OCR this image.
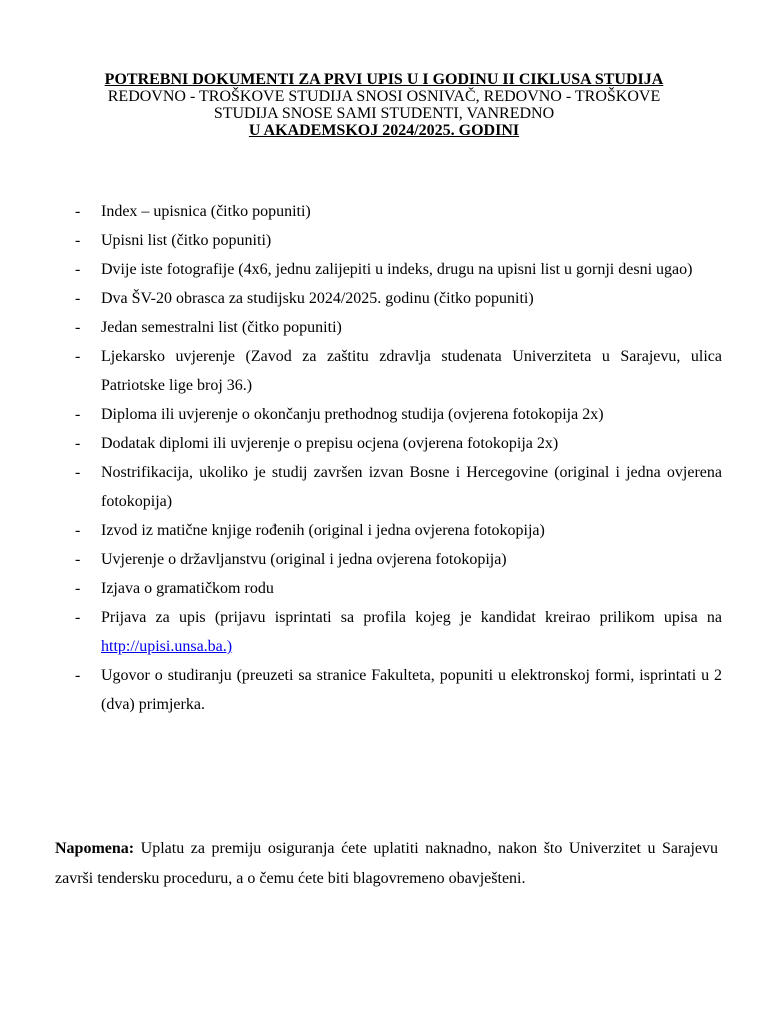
POTREBNI DOKUMENTI ZA PRVI UPIS U I GODINU II CIKLUSA STUDIJA
REDOVNO - TROŠKOVE STUDIJA SNOSI OSNIVAČ, REDOVNO - TROŠKOVE
STUDIJA SNOSE SAMI STUDENTI, VANREDNO
U AKADEMSKOJ 2024/2025. GODINI
- Index – upisnica (čitko popuniti)
- Upisni list (čitko popuniti)
- Dvije iste fotografije (4x6, jednu zalijepiti u indeks, drugu na upisni list u gornji desni ugao)
- Dva ŠV-20 obrasca za studijsku 2024/2025. godinu (čitko popuniti)
- Jedan semestralni list (čitko popuniti)
- Ljekarsko uvjerenje (Zavod za zaštitu zdravlja studenata Univerziteta u Sarajevu, ulica Patriotske lige broj 36.)
- Diploma ili uvjerenje o okončanju prethodnog studija (ovjerena fotokopija 2x)
- Dodatak diplomi ili uvjerenje o prepisu ocjena (ovjerena fotokopija 2x)
- Nostrifikacija, ukoliko je studij završen izvan Bosne i Hercegovine (original i jedna ovjerena fotokopija)
- Izvod iz matične knjige rođenih (original i jedna ovjerena fotokopija)
- Uvjerenje o državljanstvu (original i jedna ovjerena fotokopija)
- Izjava o gramatičkom rodu
- Prijava za upis (prijavu isprintati sa profila kojeg je kandidat kreirao prilikom upisa na http://upisi.unsa.ba.)
- Ugovor o studiranju (preuzeti sa stranice Fakulteta, popuniti u elektronskoj formi, isprintati u 2 (dva) primjerka.
Napomena: Uplatu za premiju osiguranja ćete uplatiti naknadno, nakon što Univerzitet u Sarajevu završi tendersku proceduru, a o čemu ćete biti blagovremeno obavješteni.
